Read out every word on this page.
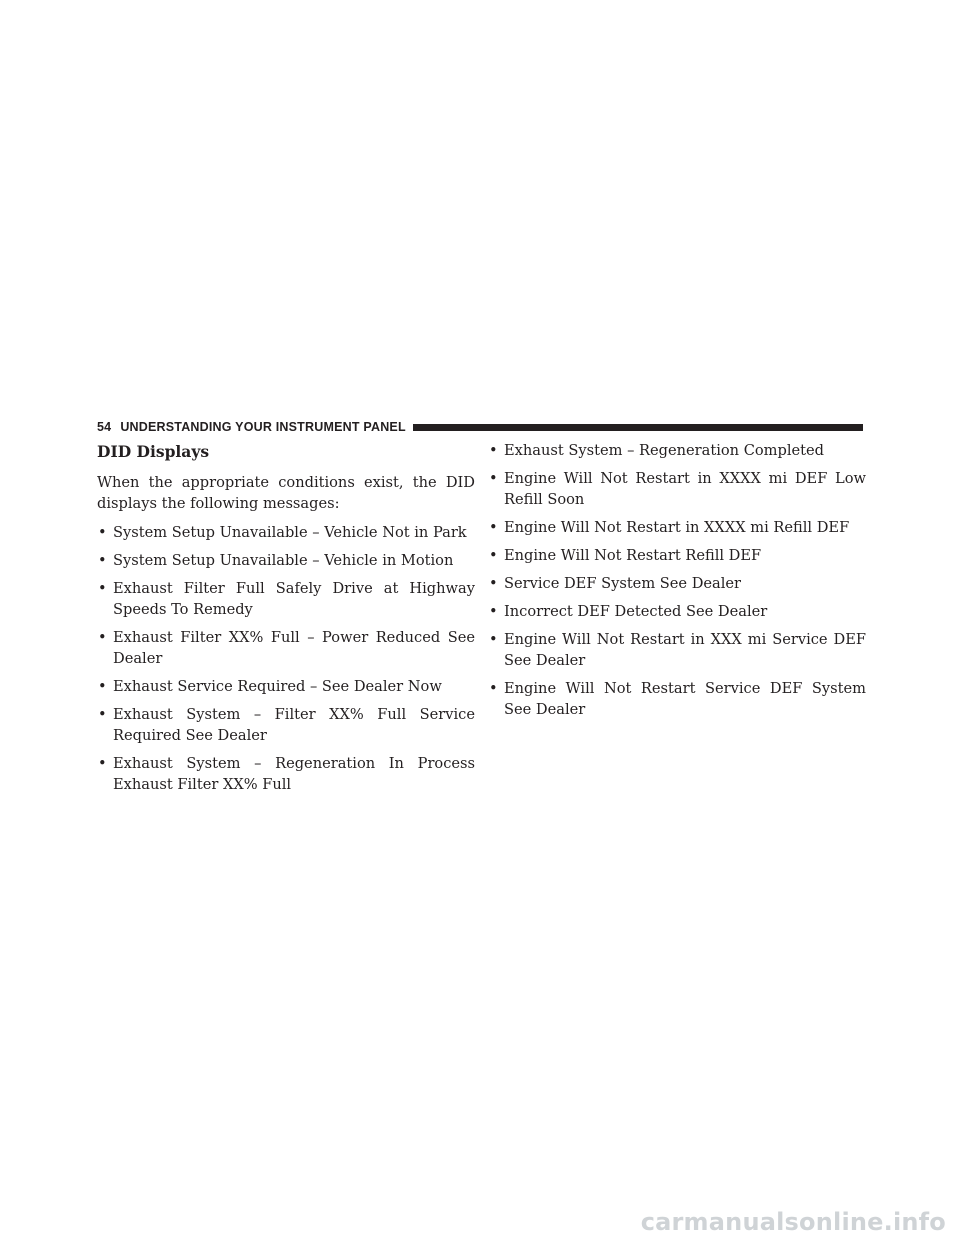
54 UNDERSTANDING YOUR INSTRUMENT PANEL
DID Displays

When the appropriate conditions exist, the DID displays the following messages:

• System Setup Unavailable – Vehicle Not in Park
• System Setup Unavailable – Vehicle in Motion
• Exhaust Filter Full Safely Drive at Highway Speeds To Remedy
• Exhaust Filter XX% Full – Power Reduced See Dealer
• Exhaust Service Required – See Dealer Now
• Exhaust System – Filter XX% Full Service Required See Dealer
• Exhaust System – Regeneration In Process Exhaust Filter XX% Full
• Exhaust System – Regeneration Completed
• Engine Will Not Restart in XXXX mi DEF Low Refill Soon
• Engine Will Not Restart in XXXX mi Refill DEF
• Engine Will Not Restart Refill DEF
• Service DEF System See Dealer
• Incorrect DEF Detected See Dealer
• Engine Will Not Restart in XXX mi Service DEF See Dealer
• Engine Will Not Restart Service DEF System See Dealer
carmanualsonline.info
